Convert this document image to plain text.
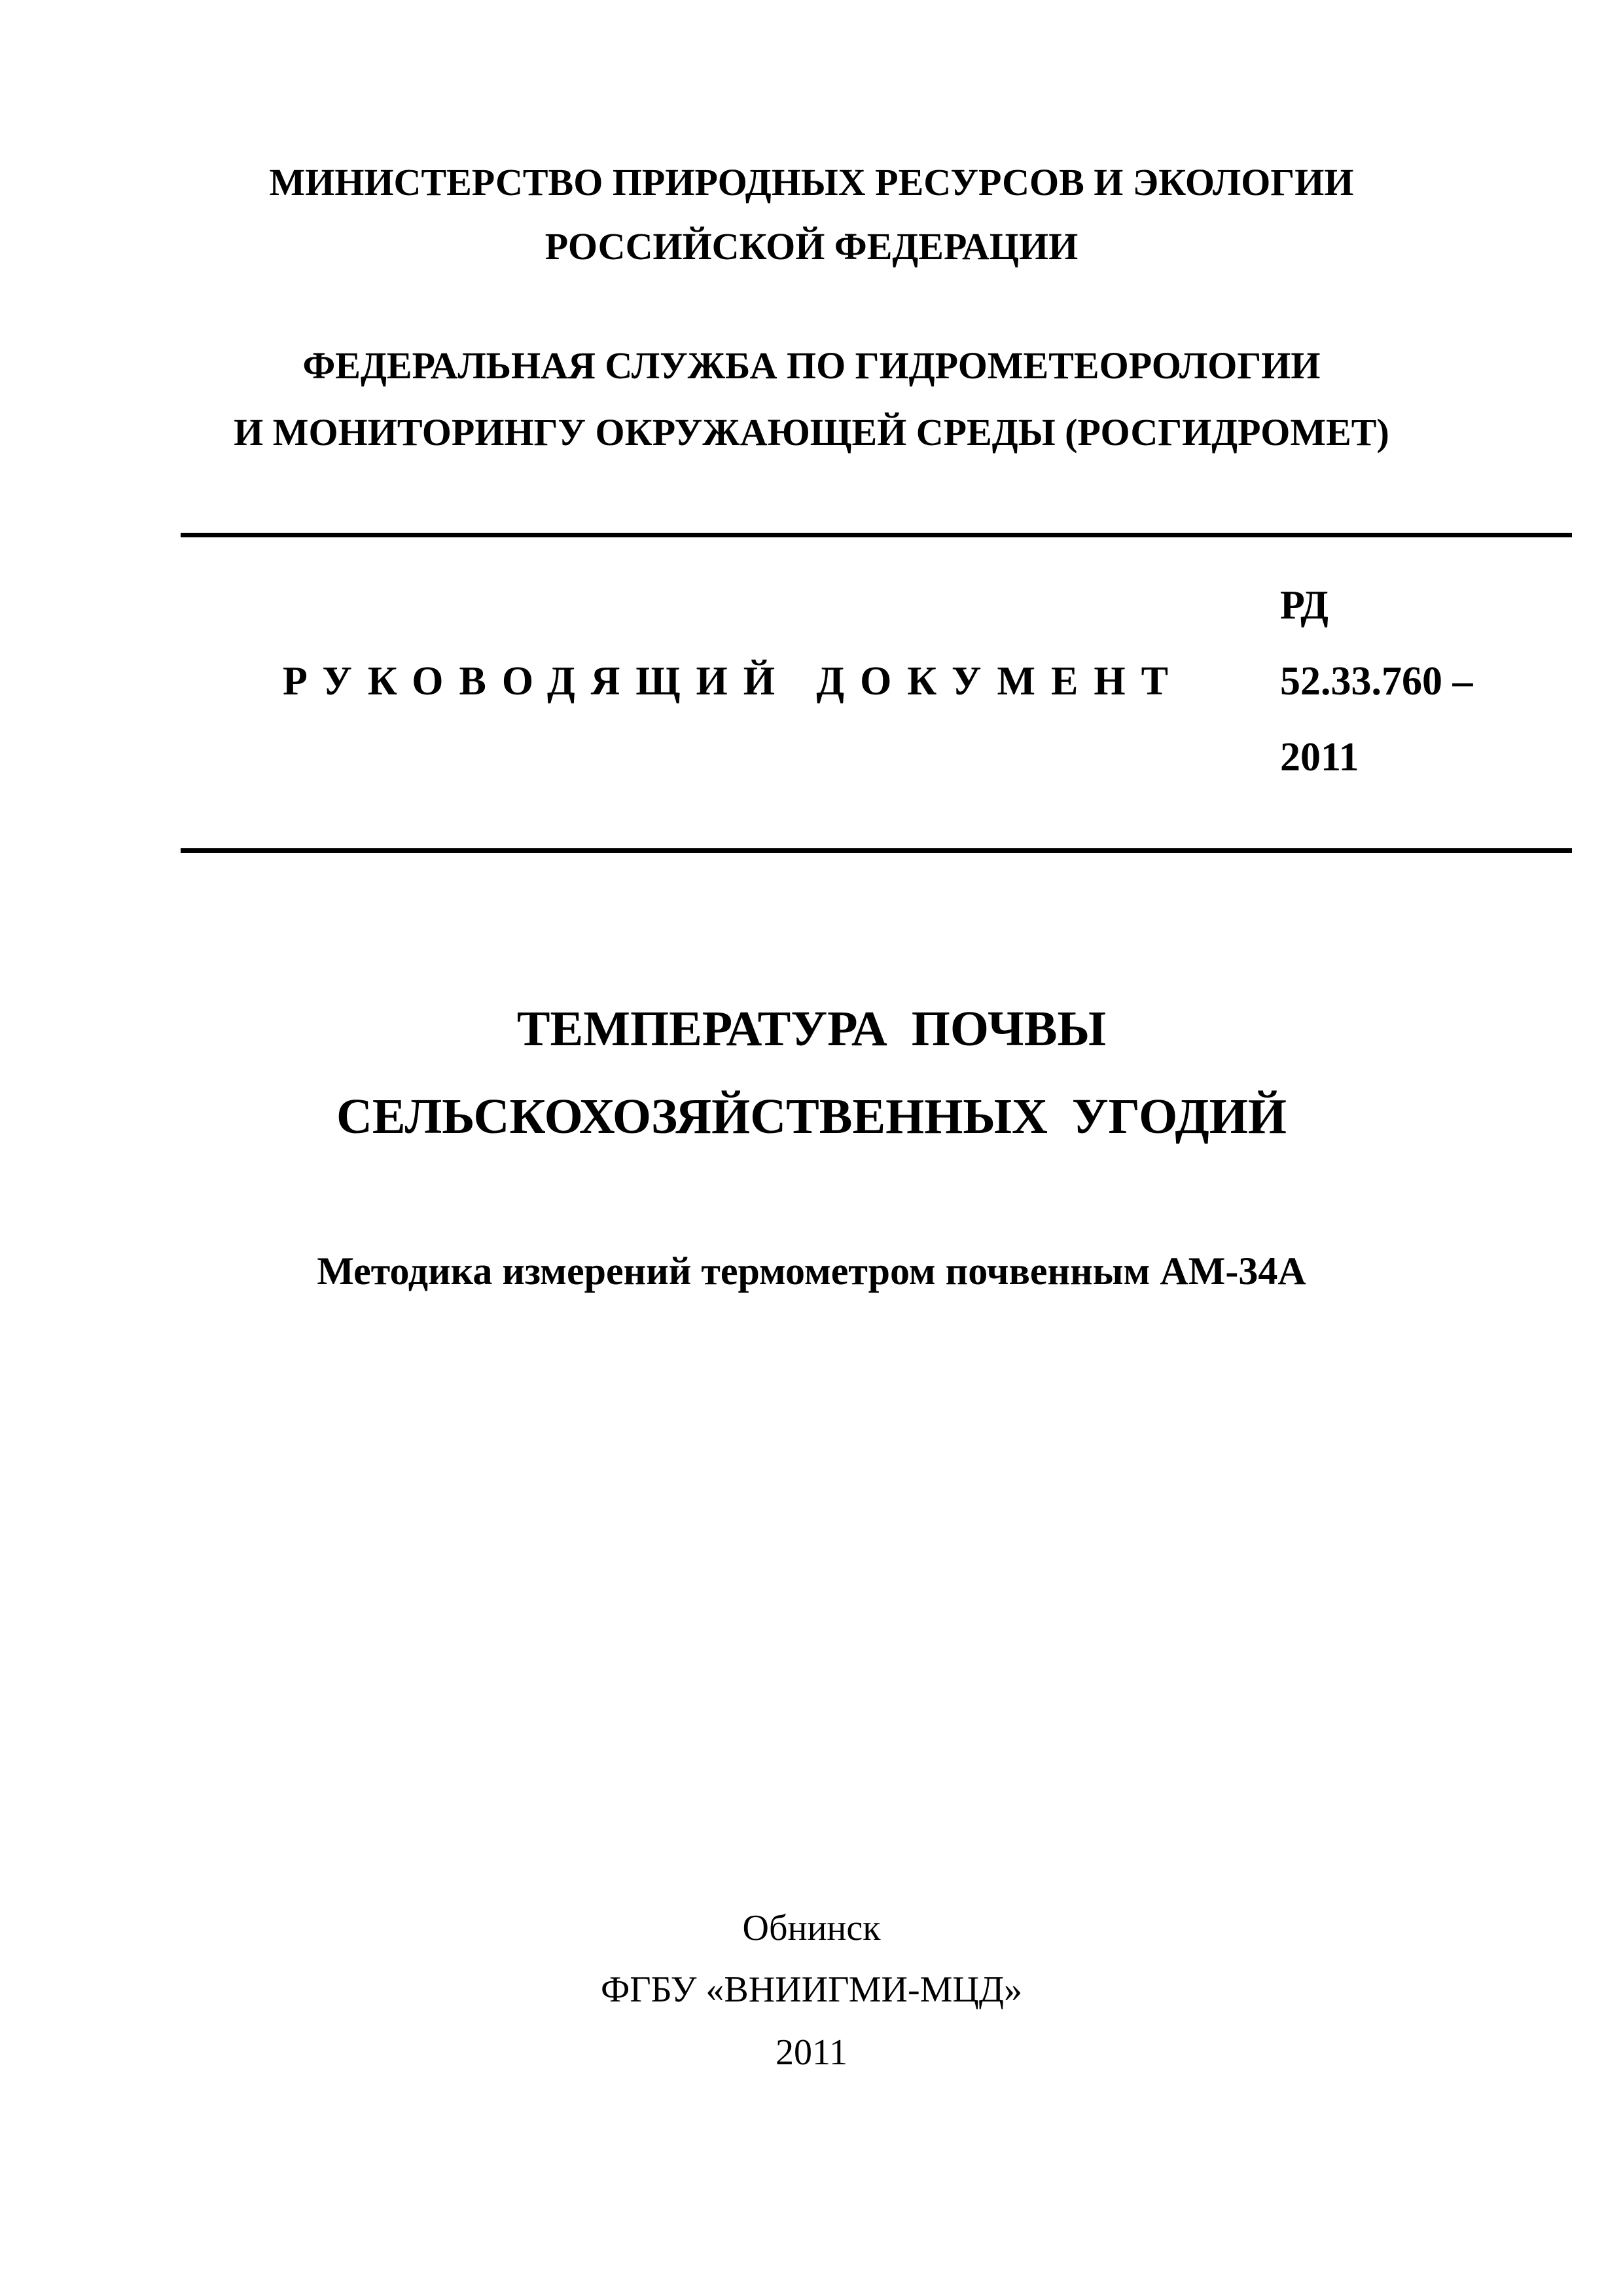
МИНИСТЕРСТВО ПРИРОДНЫХ РЕСУРСОВ И ЭКОЛОГИИ
РОССИЙСКОЙ ФЕДЕРАЦИИ
ФЕДЕРАЛЬНАЯ СЛУЖБА ПО ГИДРОМЕТЕОРОЛОГИИ
И МОНИТОРИНГУ ОКРУЖАЮЩЕЙ СРЕДЫ (РОСГИДРОМЕТ)
РУКОВОДЯЩИЙ ДОКУМЕНТ
РД
52.33.760 –
2011
ТЕМПЕРАТУРА ПОЧВЫ
СЕЛЬСКОХОЗЯЙСТВЕННЫХ УГОДИЙ
Методика измерений термометром почвенным АМ-34А
Обнинск
ФГБУ «ВНИИГМИ-МЦД»
2011
